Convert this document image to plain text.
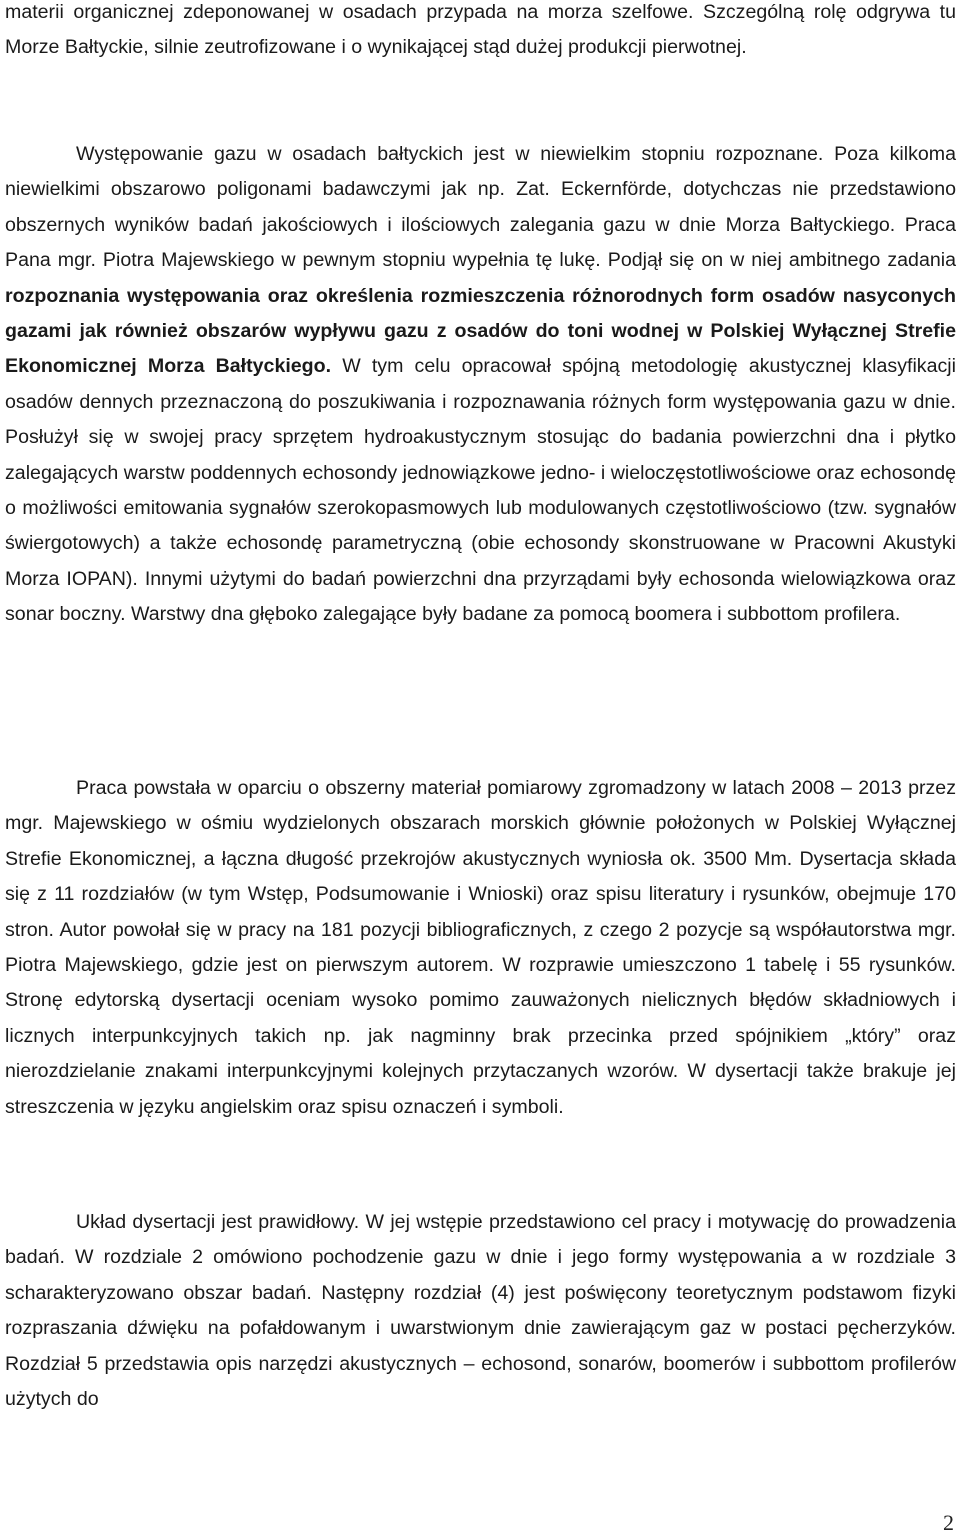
materii organicznej zdeponowanej w osadach przypada na morza szelfowe. Szczególną rolę odgrywa tu Morze Bałtyckie, silnie zeutrofizowane i o wynikającej stąd dużej produkcji pierwotnej.

Występowanie gazu w osadach bałtyckich jest w niewielkim stopniu rozpoznane. Poza kilkoma niewielkimi obszarowo poligonami badawczymi jak np. Zat. Eckernförde, dotychczas nie przedstawiono obszernych wyników badań jakościowych i ilościowych zalegania gazu w dnie Morza Bałtyckiego. Praca Pana mgr. Piotra Majewskiego w pewnym stopniu wypełnia tę lukę. Podjął się on w niej ambitnego zadania rozpoznania występowania oraz określenia rozmieszczenia różnorodnych form osadów nasyconych gazami jak również obszarów wypływu gazu z osadów do toni wodnej w Polskiej Wyłącznej Strefie Ekonomicznej Morza Bałtyckiego. W tym celu opracował spójną metodologię akustycznej klasyfikacji osadów dennych przeznaczoną do poszukiwania i rozpoznawania różnych form występowania gazu w dnie. Posłużył się w swojej pracy sprzętem hydroakustycznym stosując do badania powierzchni dna i płytko zalegających warstw poddennych echosondy jednowiązkowe jedno- i wieloczęstotliwościowe oraz echosondę o możliwości emitowania sygnałów szerokopasmowych lub modulowanych częstotliwościowo (tzw. sygnałów świergotowych) a także echosondę parametryczną (obie echosondy skonstruowane w Pracowni Akustyki Morza IOPAN). Innymi użytymi do badań powierzchni dna przyrządami były echosonda wielowiązkowa oraz sonar boczny. Warstwy dna głęboko zalegające były badane za pomocą boomera i subbottom profilera.

Praca powstała w oparciu o obszerny materiał pomiarowy zgromadzony w latach 2008 – 2013 przez mgr. Majewskiego w ośmiu wydzielonych obszarach morskich głównie położonych w Polskiej Wyłącznej Strefie Ekonomicznej, a łączna długość przekrojów akustycznych wyniosła ok. 3500 Mm. Dysertacja składa się z 11 rozdziałów (w tym Wstęp, Podsumowanie i Wnioski) oraz spisu literatury i rysunków, obejmuje 170 stron. Autor powołał się w pracy na 181 pozycji bibliograficznych, z czego 2 pozycje są współautorstwa mgr. Piotra Majewskiego, gdzie jest on pierwszym autorem. W rozprawie umieszczono 1 tabelę i 55 rysunków. Stronę edytorską dysertacji oceniam wysoko pomimo zauważonych nielicznych błędów składniowych i licznych interpunkcyjnych takich np. jak nagminny brak przecinka przed spójnikiem „który” oraz nierozdzielanie znakami interpunkcyjnymi kolejnych przytaczanych wzorów. W dysertacji także brakuje jej streszczenia w języku angielskim oraz spisu oznaczeń i symboli.

Układ dysertacji jest prawidłowy. W jej wstępie przedstawiono cel pracy i motywację do prowadzenia badań. W rozdziale 2 omówiono pochodzenie gazu w dnie i jego formy występowania a w rozdziale 3 scharakteryzowano obszar badań. Następny rozdział (4) jest poświęcony teoretycznym podstawom fizyki rozpraszania dźwięku na pofałdowanym i uwarstwionym dnie zawierającym gaz w postaci pęcherzyków. Rozdział 5 przedstawia opis narzędzi akustycznych – echosond, sonarów, boomerów i subbottom profilerów użytych do

2
